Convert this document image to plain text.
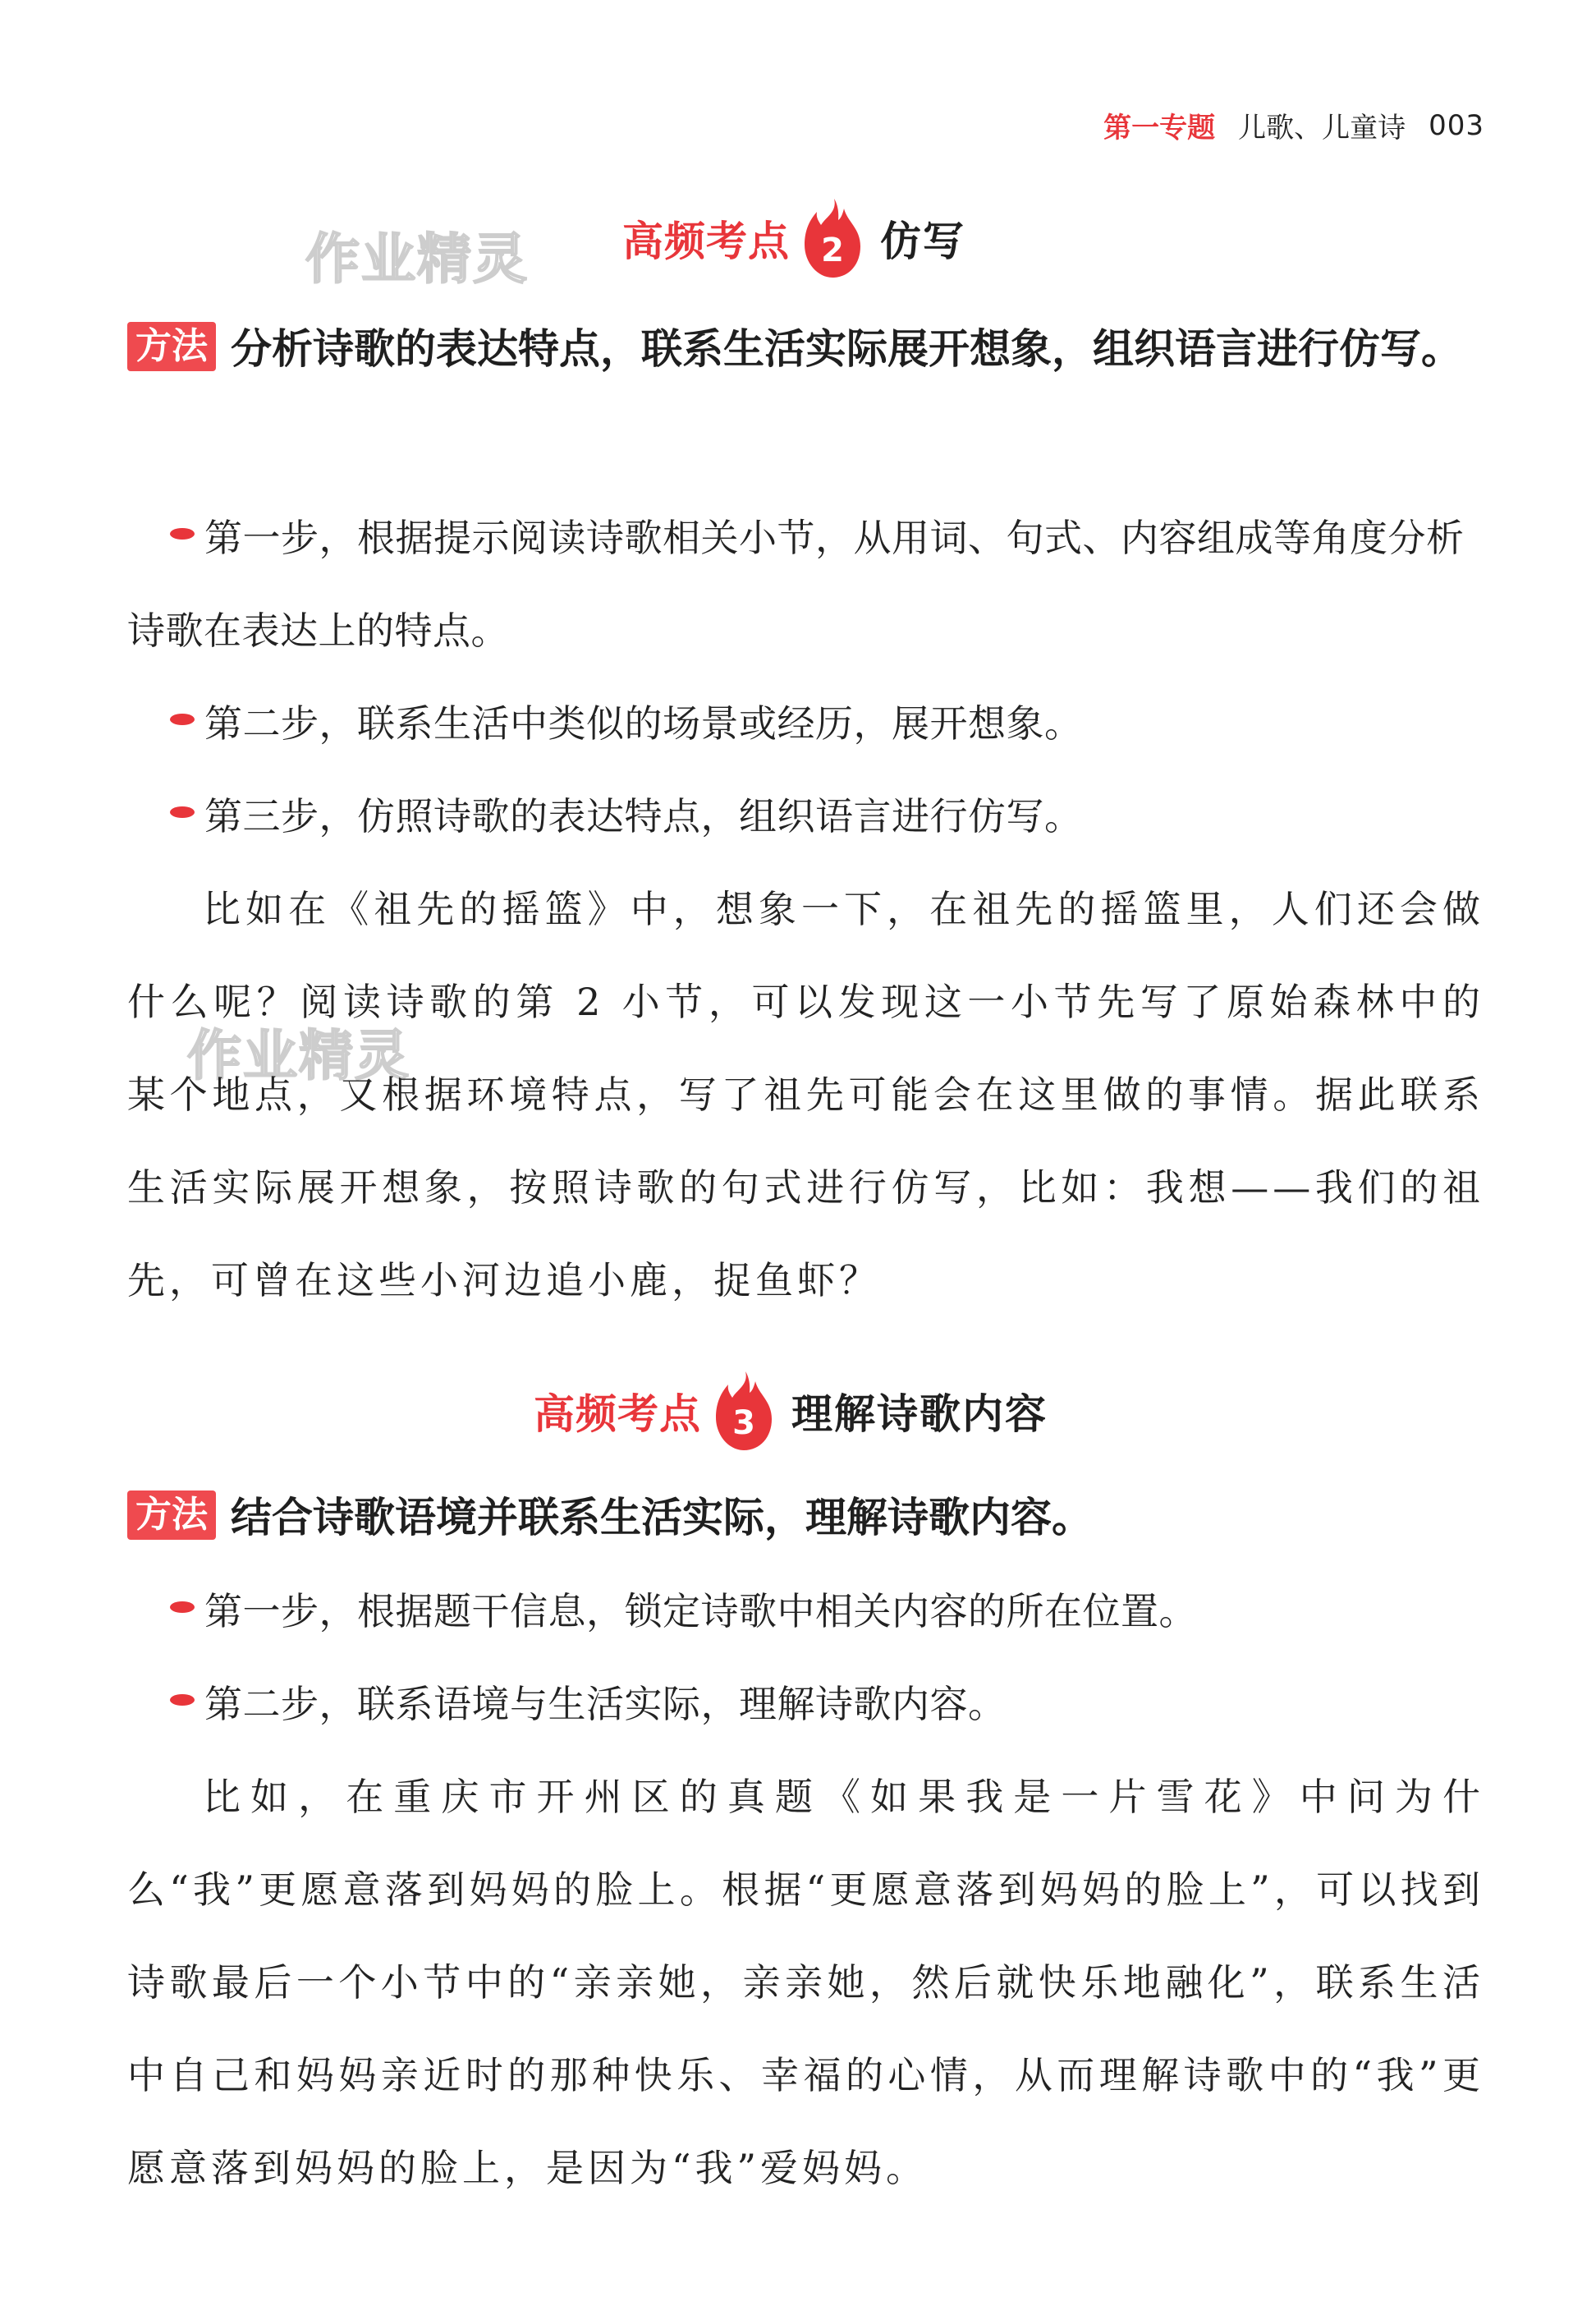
第一专题 儿歌、儿童诗 003
作业精灵
作业精灵
高频考点 2 仿写
方法 分析诗歌的表达特点，联系生活实际展开想象，组织语言进行仿写。
第一步，根据提示阅读诗歌相关小节，从用词、句式、内容组成等角度分析诗歌在表达上的特点。
第二步，联系生活中类似的场景或经历，展开想象。
第三步，仿照诗歌的表达特点，组织语言进行仿写。
比如在《祖先的摇篮》中，想象一下，在祖先的摇篮里，人们还会做什么呢？阅读诗歌的第 2 小节，可以发现这一小节先写了原始森林中的某个地点，又根据环境特点，写了祖先可能会在这里做的事情。据此联系生活实际展开想象，按照诗歌的句式进行仿写，比如：我想——我们的祖先，可曾在这些小河边追小鹿，捉鱼虾？
高频考点 3 理解诗歌内容
方法 结合诗歌语境并联系生活实际，理解诗歌内容。
第一步，根据题干信息，锁定诗歌中相关内容的所在位置。
第二步，联系语境与生活实际，理解诗歌内容。
比如，在重庆市开州区的真题《如果我是一片雪花》中问为什么“我”更愿意落到妈妈的脸上。根据“更愿意落到妈妈的脸上”，可以找到诗歌最后一个小节中的“亲亲她，亲亲她，然后就快乐地融化”，联系生活中自己和妈妈亲近时的那种快乐、幸福的心情，从而理解诗歌中的“我”更愿意落到妈妈的脸上，是因为“我”爱妈妈。
